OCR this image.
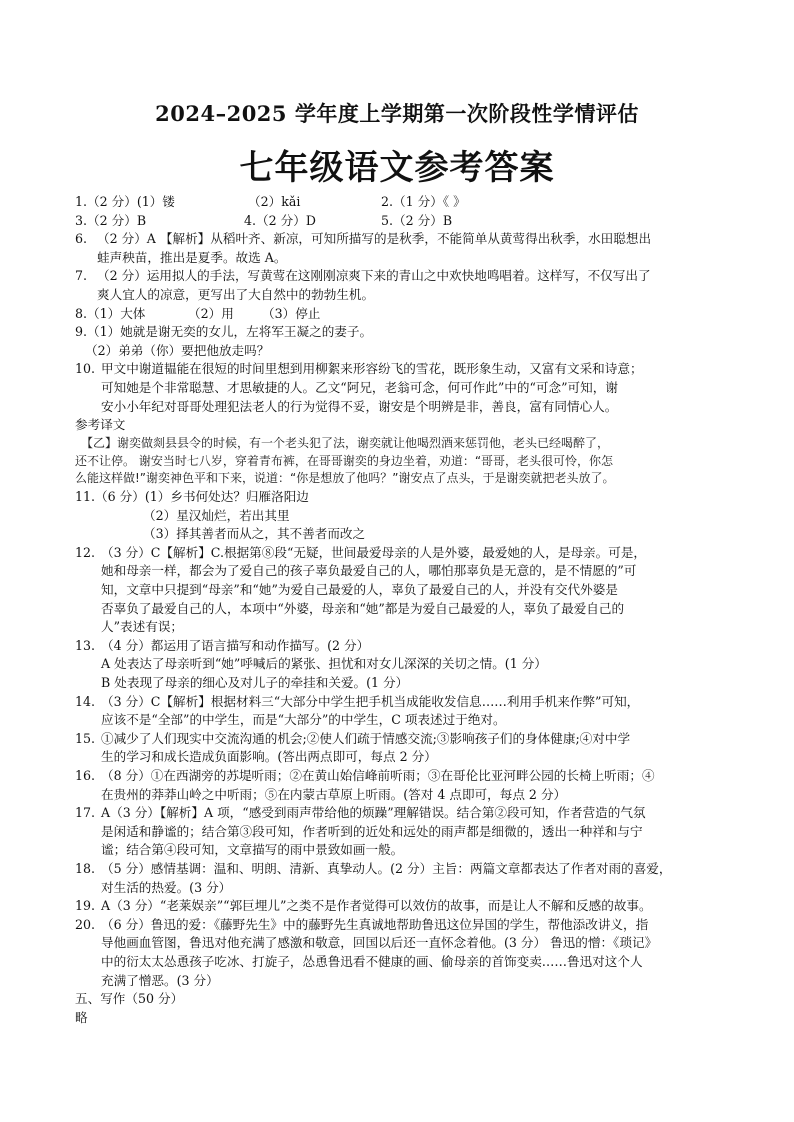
2024–2025 学年度上学期第一次阶段性学情评估
七年级语文参考答案
1.（2 分）(1）镂	（2）kǎi	2.（1 分）《 》
3.（2 分）B	4.（2 分）D	5.（2 分）B
6. （2 分）A 【解析】从稻叶齐、新凉，可知所描写的是秋季，不能简单从黄莺得出秋季，水田聪想出
蛙声秧苗，推出是夏季。故选 A。
7. （2 分）运用拟人的手法，写黄莺在这刚刚凉爽下来的青山之中欢快地鸣唱着。这样写，不仅写出了
爽人宜人的凉意，更写出了大自然中的勃勃生机。
8.（1）大体	（2）用 （3）停止
9.（1）她就是谢无奕的女儿，左将军王凝之的妻子。
（2）弟弟（你）要把他放走吗？
10. 甲文中谢道韫能在很短的时间里想到用柳絮来形容纷飞的雪花，既形象生动，又富有文采和诗意；
可知她是个非常聪慧、才思敏捷的人。乙文“阿兄，老翁可念，何可作此”中的“可念”可知，谢
安小小年纪对哥哥处理犯法老人的行为觉得不妥，谢安是个明辨是非，善良，富有同情心人。
参考译文
　【乙】谢奕做剡县县令的时候，有一个老头犯了法，谢奕就让他喝烈酒来惩罚他，老头已经喝醉了，
还不让停。 谢安当时七八岁，穿着青布裤，在哥哥谢奕的身边坐着，劝道：“哥哥，老头很可怜，你怎
么能这样做!”谢奕神色平和下来，说道：“你是想放了他吗？”谢安点了点头，于是谢奕就把老头放了。
11.（6 分）(1）乡书何处达？归雁洛阳边
（2）星汉灿烂，若出其里
（3）择其善者而从之，其不善者而改之
12. （3 分）C【解析】C.根据第⑧段“无疑，世间最爱母亲的人是外婆，最爱她的人，是母亲。可是，
她和母亲一样，都会为了爱自己的孩子辜负最爱自己的人，哪怕那辜负是无意的，是不情愿的”可
知，文章中只提到“母亲”和“她”为爱自己最爱的人，辜负了最爱自己的人，并没有交代外婆是
否辜负了最爱自己的人，本项中“外婆，母亲和“她”都是为爱自己最爱的人，辜负了最爱自己的
人”表述有误；
13. （4 分）都运用了语言描写和动作描写。(2 分）
A 处表达了母亲听到“她”呼喊后的紧张、担忧和对女儿深深的关切之情。(1 分）
B 处表现了母亲的细心及对儿子的牵挂和关爱。(1 分）
14. （3 分）C【解析】根据材料三“大部分中学生把手机当成能收发信息……利用手机来作弊”可知，
应该不是“全部”的中学生，而是“大部分”的中学生，C 项表述过于绝对。
15. ①减少了人们现实中交流沟通的机会;②使人们疏于情感交流;③影响孩子们的身体健康;④对中学
生的学习和成长造成负面影响。(答出两点即可，每点 2 分）
16. （8 分）①在西湖旁的苏堤听雨；②在黄山始信峰前听雨；③在哥伦比亚河畔公园的长椅上听雨；④
在贵州的莽莽山岭之中听雨；⑤在内蒙古草原上听雨。(答对 4 点即可，每点 2 分）
17. A（3 分）【解析】A 项，“感受到雨声带给他的烦躁”理解错误。结合第②段可知，作者营造的气氛
是闲适和静谧的；结合第③段可知，作者听到的近处和远处的雨声都是细微的，透出一种祥和与宁
谧；结合第④段可知，文章描写的雨中景致如画一般。
18. （5 分）感情基调：温和、明朗、清新、真挚动人。(2 分）主旨：两篇文章都表达了作者对雨的喜爱，
对生活的热爱。(3 分）
19. A（3 分）“老莱娱亲”“郭巨埋儿”之类不是作者觉得可以效仿的故事，而是让人不解和反感的故事。
20. （6 分）鲁迅的爱：《藤野先生》中的藤野先生真诚地帮助鲁迅这位异国的学生，帮他添改讲义，指
导他画血管图，鲁迅对他充满了感激和敬意，回国以后还一直怀念着他。(3 分） 鲁迅的憎：《琐记》
中的衍太太怂恿孩子吃冰、打旋子，怂恿鲁迅看不健康的画、偷母亲的首饰变卖……鲁迅对这个人
充满了憎恶。(3 分）
五、写作（50 分）
略
